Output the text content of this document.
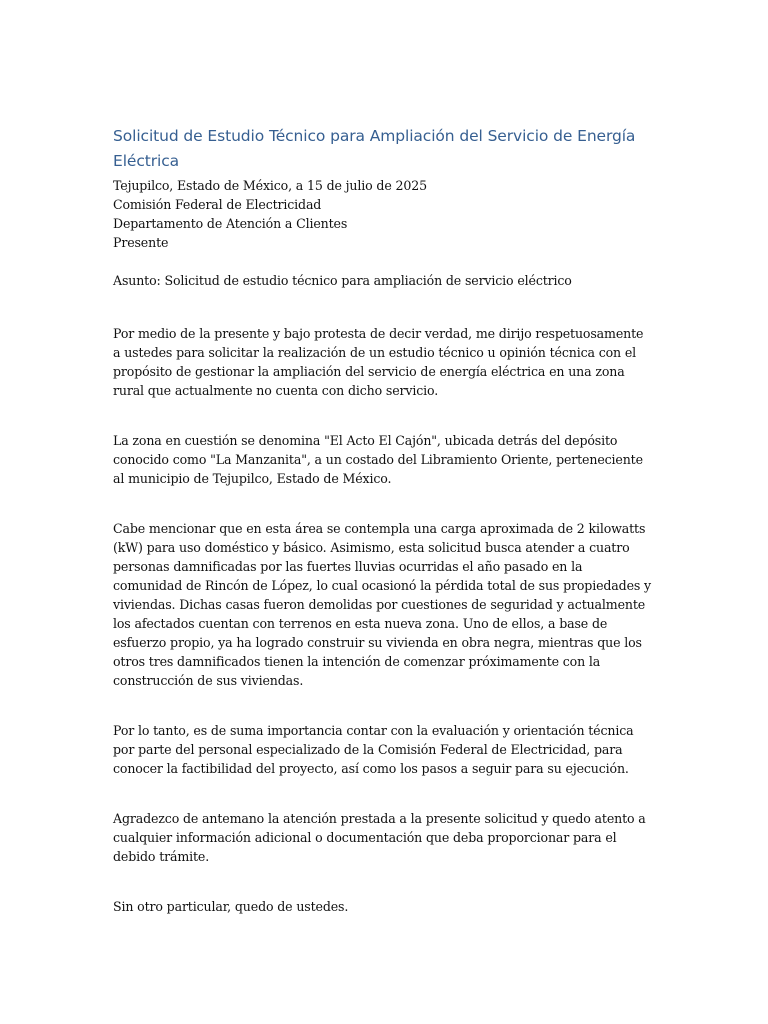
Solicitud de Estudio Técnico para Ampliación del Servicio de Energía Eléctrica
Tejupilco, Estado de México, a 15 de julio de 2025
Comisión Federal de Electricidad
Departamento de Atención a Clientes
Presente
Asunto: Solicitud de estudio técnico para ampliación de servicio eléctrico

Por medio de la presente y bajo protesta de decir verdad, me dirijo respetuosamente a ustedes para solicitar la realización de un estudio técnico u opinión técnica con el propósito de gestionar la ampliación del servicio de energía eléctrica en una zona rural que actualmente no cuenta con dicho servicio.

La zona en cuestión se denomina "El Acto El Cajón", ubicada detrás del depósito conocido como "La Manzanita", a un costado del Libramiento Oriente, perteneciente al municipio de Tejupilco, Estado de México.

Cabe mencionar que en esta área se contempla una carga aproximada de 2 kilowatts (kW) para uso doméstico y básico. Asimismo, esta solicitud busca atender a cuatro personas damnificadas por las fuertes lluvias ocurridas el año pasado en la comunidad de Rincón de López, lo cual ocasionó la pérdida total de sus propiedades y viviendas. Dichas casas fueron demolidas por cuestiones de seguridad y actualmente los afectados cuentan con terrenos en esta nueva zona. Uno de ellos, a base de esfuerzo propio, ya ha logrado construir su vivienda en obra negra, mientras que los otros tres damnificados tienen la intención de comenzar próximamente con la construcción de sus viviendas.

Por lo tanto, es de suma importancia contar con la evaluación y orientación técnica por parte del personal especializado de la Comisión Federal de Electricidad, para conocer la factibilidad del proyecto, así como los pasos a seguir para su ejecución.

Agradezco de antemano la atención prestada a la presente solicitud y quedo atento a cualquier información adicional o documentación que deba proporcionar para el debido trámite.

Sin otro particular, quedo de ustedes.
